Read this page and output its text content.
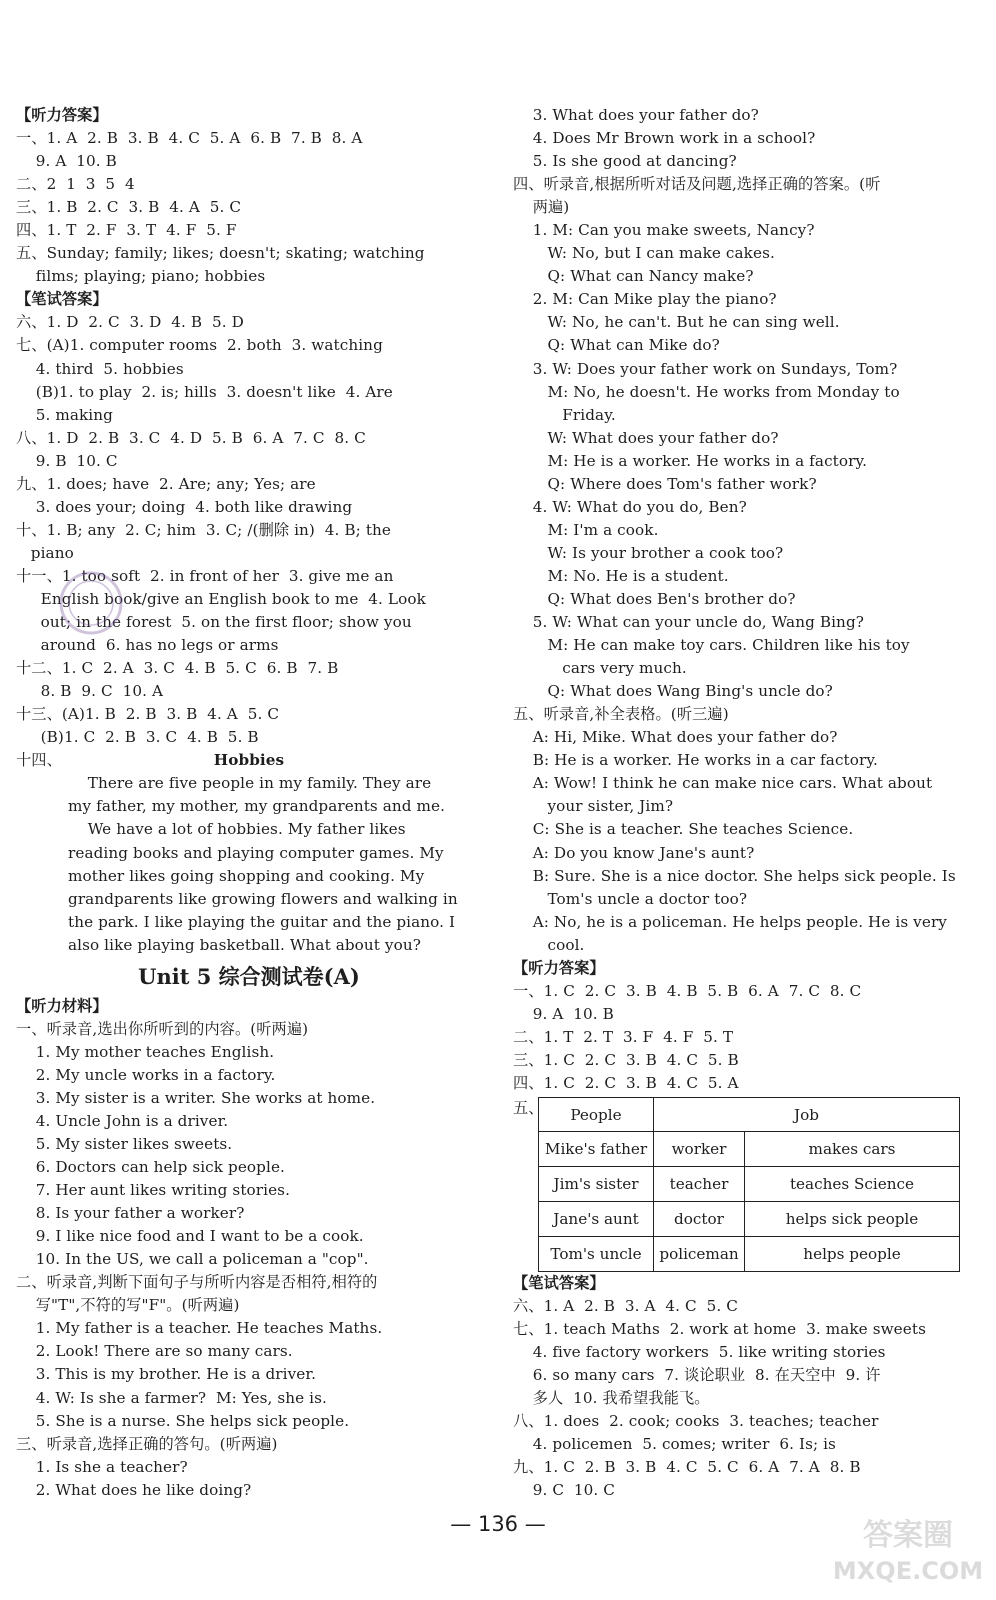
【听力答案】
一、1. A  2. B  3. B  4. C  5. A  6. B  7. B  8. A
9. A  10. B
二、2  1  3  5  4
三、1. B  2. C  3. B  4. A  5. C
四、1. T  2. F  3. T  4. F  5. F
五、Sunday; family; likes; doesn't; skating; watching
films; playing; piano; hobbies
【笔试答案】
六、1. D  2. C  3. D  4. B  5. D
七、(A)1. computer rooms  2. both  3. watching
4. third  5. hobbies
(B)1. to play  2. is; hills  3. doesn't like  4. Are
5. making
八、1. D  2. B  3. C  4. D  5. B  6. A  7. C  8. C
9. B  10. C
九、1. does; have  2. Are; any; Yes; are
3. does your; doing  4. both like drawing
十、1. B; any  2. C; him  3. C; /(删除 in)  4. B; the
piano
十一、1. too soft  2. in front of her  3. give me an
English book/give an English book to me  4. Look
out; in the forest  5. on the first floor; show you
around  6. has no legs or arms
十二、1. C  2. A  3. C  4. B  5. C  6. B  7. B
8. B  9. C  10. A
十三、(A)1. B  2. B  3. B  4. A  5. C
(B)1. C  2. B  3. C  4. B  5. B
十四、	Hobbies
There are five people in my family. They are
my father, my mother, my grandparents and me.
We have a lot of hobbies. My father likes
reading books and playing computer games. My
mother likes going shopping and cooking. My
grandparents like growing flowers and walking in
the park. I like playing the guitar and the piano. I
also like playing basketball. What about you?
Unit 5 综合测试卷(A)
【听力材料】
一、听录音,选出你所听到的内容。(听两遍)
1. My mother teaches English.
2. My uncle works in a factory.
3. My sister is a writer. She works at home.
4. Uncle John is a driver.
5. My sister likes sweets.
6. Doctors can help sick people.
7. Her aunt likes writing stories.
8. Is your father a worker?
9. I like nice food and I want to be a cook.
10. In the US, we call a policeman a "cop".
二、听录音,判断下面句子与所听内容是否相符,相符的
写"T",不符的写"F"。(听两遍)
1. My father is a teacher. He teaches Maths.
2. Look! There are so many cars.
3. This is my brother. He is a driver.
4. W: Is she a farmer?  M: Yes, she is.
5. She is a nurse. She helps sick people.
三、听录音,选择正确的答句。(听两遍)
1. Is she a teacher?
2. What does he like doing?
3. What does your father do?
4. Does Mr Brown work in a school?
5. Is she good at dancing?
四、听录音,根据所听对话及问题,选择正确的答案。(听
两遍)
1. M: Can you make sweets, Nancy?
W: No, but I can make cakes.
Q: What can Nancy make?
2. M: Can Mike play the piano?
W: No, he can't. But he can sing well.
Q: What can Mike do?
3. W: Does your father work on Sundays, Tom?
M: No, he doesn't. He works from Monday to
Friday.
W: What does your father do?
M: He is a worker. He works in a factory.
Q: Where does Tom's father work?
4. W: What do you do, Ben?
M: I'm a cook.
W: Is your brother a cook too?
M: No. He is a student.
Q: What does Ben's brother do?
5. W: What can your uncle do, Wang Bing?
M: He can make toy cars. Children like his toy
cars very much.
Q: What does Wang Bing's uncle do?
五、听录音,补全表格。(听三遍)
A: Hi, Mike. What does your father do?
B: He is a worker. He works in a car factory.
A: Wow! I think he can make nice cars. What about
your sister, Jim?
C: She is a teacher. She teaches Science.
A: Do you know Jane's aunt?
B: Sure. She is a nice doctor. She helps sick people. Is
Tom's uncle a doctor too?
A: No, he is a policeman. He helps people. He is very
cool.
【听力答案】
一、1. C  2. C  3. B  4. B  5. B  6. A  7. C  8. C
9. A  10. B
二、1. T  2. T  3. F  4. F  5. T
三、1. C  2. C  3. B  4. C  5. B
四、1. C  2. C  3. B  4. C  5. A
五、 People	Job	
Mike's father	worker	makes cars
Jim's sister	teacher	teaches Science
Jane's aunt	doctor	helps sick people
Tom's uncle	policeman	helps people
【笔试答案】
六、1. A  2. B  3. A  4. C  5. C
七、1. teach Maths  2. work at home  3. make sweets
4. five factory workers  5. like writing stories
6. so many cars  7. 谈论职业  8. 在天空中  9. 许
多人  10. 我希望我能飞。
八、1. does  2. cook; cooks  3. teaches; teacher
4. policemen  5. comes; writer  6. Is; is
九、1. C  2. B  3. B  4. C  5. C  6. A  7. A  8. B
9. C  10. C
— 136 —	答案圈
MXQE.COM
